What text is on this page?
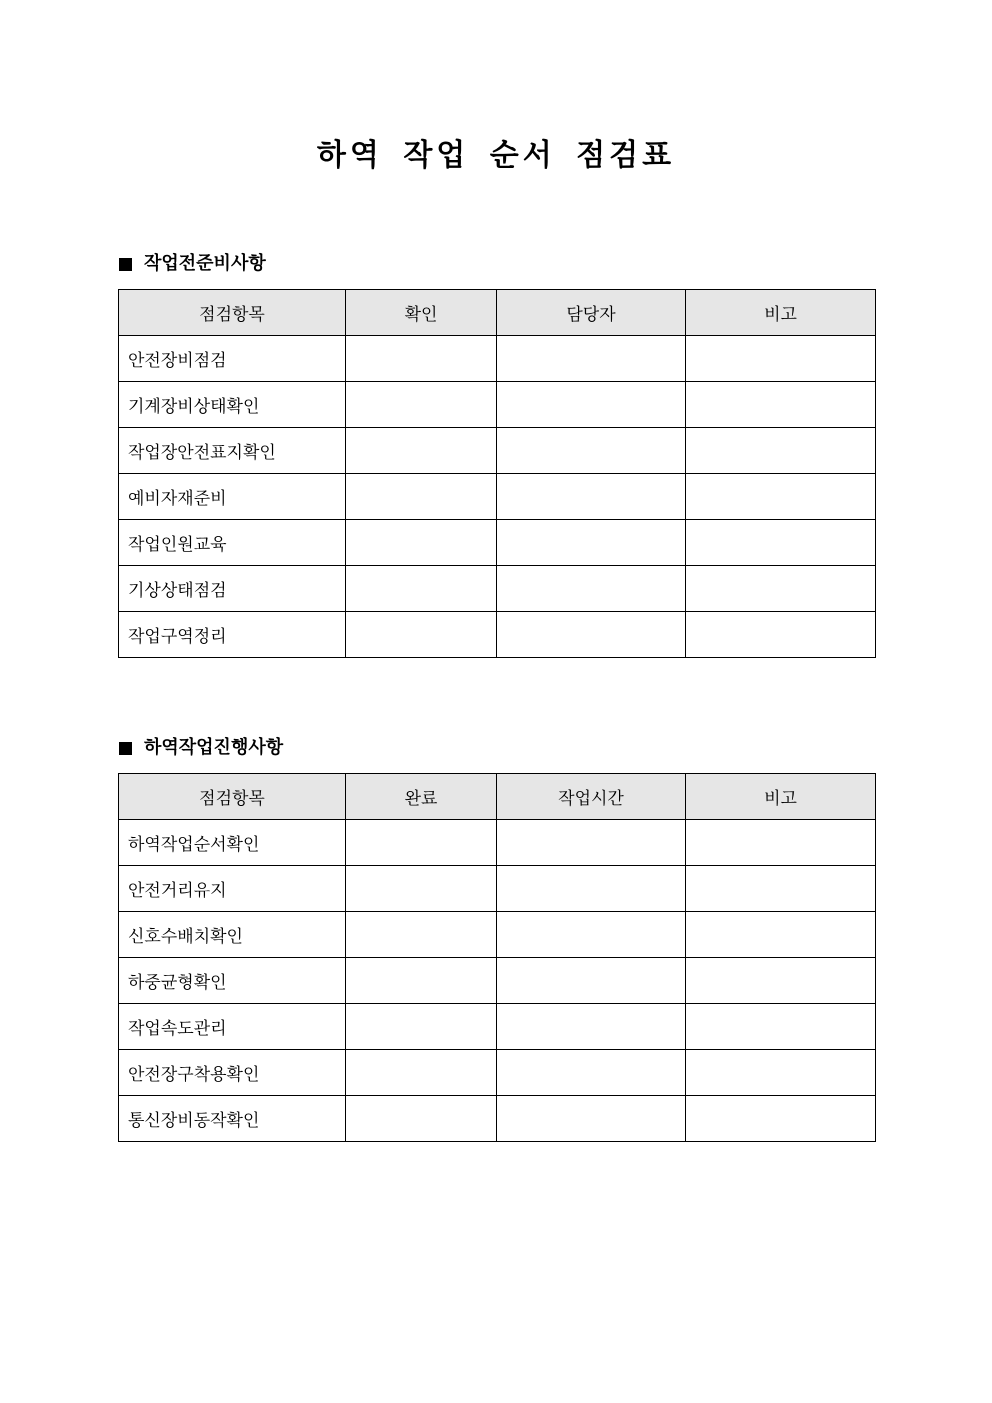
하역 작업 순서 점검표
작업전준비사항
점검항목	확인	담당자	비고
안전장비점검			
기계장비상태확인			
작업장안전표지확인			
예비자재준비			
작업인원교육			
기상상태점검			
작업구역정리			
하역작업진행사항
점검항목	완료	작업시간	비고
하역작업순서확인			
안전거리유지			
신호수배치확인			
하중균형확인			
작업속도관리			
안전장구착용확인			
통신장비동작확인			
